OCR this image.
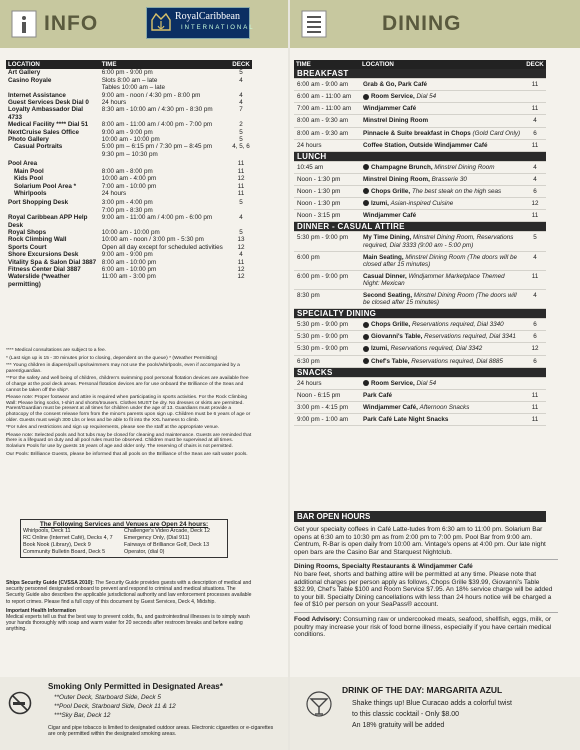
INFO	RoyalCaribbean
INTERNATIONAL
LOCATION	TIME	DECK
Art Gallery	6:00 pm - 9:00 pm	5
Casino Royale	Slots 8:00 am – late
Tables 10:00 am – late	4
Internet Assistance	9:00 am - noon / 4:30 pm - 8:00 pm	4
Guest Services Desk Dial 0	24 hours	4
Loyalty Ambassador Dial 4733	8:30 am - 10:00 am / 4:30 pm - 8:30 pm	7
Medical Facility **** Dial 51	8:00 am - 11:00 am / 4:00 pm - 7:00 pm	2
NextCruise Sales Office	9:00 am - 9:00 pm	5
Photo Gallery	10:00 am - 10:00 pm	5
Casual Portraits	5:00 pm – 6:15 pm / 7:30 pm – 8:45 pm
9:30 pm – 10:30 pm	4, 5, 6
Pool Area		11
Main Pool	8:00 am - 8:00 pm	11
Kids Pool	10:00 am - 4:00 pm	12
Solarium Pool Area *	7:00 am - 10:00 pm	11
Whirlpools	24 hours	11
Port Shopping Desk	3:00 pm - 4:00 pm
7:00 pm - 8:30 pm	5
Royal Caribbean APP Help Desk	9:00 am - 11:00 am / 4:00 pm - 6:00 pm	4
Royal Shops	10:00 am - 10:00 pm	5
Rock Climbing Wall	10:00 am - noon / 3:00 pm - 5:30 pm	13
Sports Court	Open all day except for scheduled activities	12
Shore Excursions Desk	9:00 am - 9:00 pm	4
Vitality Spa & Salon Dial 3887	8:00 am - 10:00 pm	11
Fitness Center Dial 3887	6:00 am - 10:00 pm	12
Waterslide (*weather permitting)	11:00 am - 3:00 pm	12

**** Medical consultations are subject to a fee.

* (Last sign up is 15 - 30 minutes prior to closing, dependent on the queue) * (Weather Permitting)

*** Young children in diapers/pull ups/swimmers may not use the pools/whirlpools, even if accompanied by a parent/guardian.

**For the safety and well being of children, children's swimming pool personal flotation devices are available free of charge at the pool deck areas. Personal flotation devices are for use onboard the Brilliance of the Seas and cannot be taken off the ship*.

Please note: Proper footwear and attire is required when participating in sports activities. For the Rock Climbing Wall: Please bring socks, t-shirt and shorts/trousers. Clothes MUST be dry. No dresses or skirts are permitted. Parent/Guardian must be present at all times for children under the age of 13. Guardians must provide a photocopy of the consent release form from the minor's parents upon sign up. Children must be 6 years of age or older. Guests must weigh 300 Lbs or less and be able to fit into the XXL harness to climb.

*For rules and restrictions and sign up requirements, please see the staff at the appropriate venue.

Please note: Selected pools and hot tubs may be closed for cleaning and maintenance. Guests are reminded that there is a lifeguard on duty and all pool rules must be observed. Children must be supervised at all times. Solarium Pools for use by guests 16 years of age and older only. The reserving of chairs is not permitted.

Our Pools: Brilliance Guests, please be informed that all pools on the Brilliance of the Seas are salt water pools.

The Following Services and Venues are Open 24 hours:
Whirlpools, Deck 11	Challenger's Video Arcade, Deck 12
RC Online (Internet Café), Decks 4, 7	Emergency Only, (Dial 911)
Book Nook (Library), Deck 9	Fairways of Brilliance Golf, Deck 13
Community Bulletin Board, Deck 5	Operator, (dial 0)

Ships Security Guide (CVSSA 2010): The Security Guide provides guests with a description of medical and security personnel designated onboard to prevent and respond to criminal and medical situations. The Security Guide also describes the applicable jurisdictional authority and law enforcement processes available to report crimes. Please find a full copy of this document by Guest Services, Deck 4, Midship.

Important Health Information
Medical experts tell us that the best way to prevent colds, flu, and gastrointestinal illnesses is to simply wash your hands thoroughly with soap and warm water for 20 seconds after restroom breaks and before eating anything.

Smoking Only Permitted in Designated Areas*
**Outer Deck, Starboard Side, Deck 5
**Pool Deck, Starboard Side, Deck 11 & 12
***Sky Bar, Deck 12
Cigar and pipe tobacco is limited to designated outdoor areas. Electronic cigarettes or e-cigarettes are only permitted within the designated smoking areas.
DINING
TIME	LOCATION	DECK
BREAKFAST		
6:00 am - 9:00 am	Grab & Go, Park Café	11
6:00 am - 11:00 am	Room Service, Dial 54	
7:00 am - 11:00 am	Windjammer Café	11
8:00 am - 9:30 am	Minstrel Dining Room	4
8:00 am - 9:30 am	Pinnacle & Suite breakfast in Chops (Gold Card Only)	6
24 hours	Coffee Station, Outside Windjammer Café	11
LUNCH		
10:45 am	Champagne Brunch, Minstrel Dining Room	4
Noon - 1:30 pm	Minstrel Dining Room, Brasserie 30	4
Noon - 1:30 pm	Chops Grille, The best steak on the high seas	6
Noon - 1:30 pm	Izumi, Asian-inspired Cuisine	12
Noon - 3:15 pm	Windjammer Café	11
DINNER - CASUAL ATTIRE		
5:30 pm - 9:00 pm	My Time Dining, Minstrel Dining Room, Reservations required, Dial 3333 (9:00 am - 5:00 pm)	5
6:00 pm	Main Seating, Minstrel Dining Room (The doors will be closed after 15 minutes)	4
6:00 pm - 9:00 pm	Casual Dinner, Windjammer Marketplace Themed Night: Mexican	11
8:30 pm	Second Seating, Minstrel Dining Room (The doors will be closed after 15 minutes)	4
SPECIALTY DINING		
5:30 pm - 9:00 pm	Chops Grille, Reservations required, Dial 3340	6
5:30 pm - 9:00 pm	Giovanni's Table, Reservations required, Dial 3341	6
5:30 pm - 9:00 pm	Izumi, Reservations required, Dial 3342	12
6:30 pm	Chef's Table, Reservations required, Dial 8885	6
SNACKS		
24 hours	Room Service, Dial 54	
Noon - 6:15 pm	Park Café	11
3:00 pm - 4:15 pm	Windjammer Café, Afternoon Snacks	11
9:00 pm - 1:00 am	Park Café Late Night Snacks	11
BAR OPEN HOURS

Get your specialty coffees in Café Latte-tudes from 6:30 am to 11:00 pm. Solarium Bar opens at 6:30 am to 10:30 pm as from 2:00 pm to 7:00 pm. Pool Bar from 9:00 am. Centrum, R-Bar is open daily from 10:00 am. Vintage's opens at 4:00 pm. Our late night open bars are the Casino Bar and Starquest Nightclub.

Dining Rooms, Specialty Restaurants & Windjammer Café
No bare feet, shorts and bathing attire will be permitted at any time. Please note that additional charges per person apply as follows, Chops Grille $39.99, Giovanni's Table $32.99, Chef's Table $100 and Room Service $7.95. An 18% service charge will be added to your bill. Specialty Dining cancellations with less than 24 hours notice will be charged a fee of $10 per person on your SeaPass® account.

Food Advisory: Consuming raw or undercooked meats, seafood, shellfish, eggs, milk, or poultry may increase your risk of food borne illness, especially if you have certain medical conditions.

DRINK OF THE DAY: MARGARITA AZUL
Shake things up! Blue Curacao adds a colorful twist
to this classic cocktail - Only $8.00
An 18% gratuity will be added
